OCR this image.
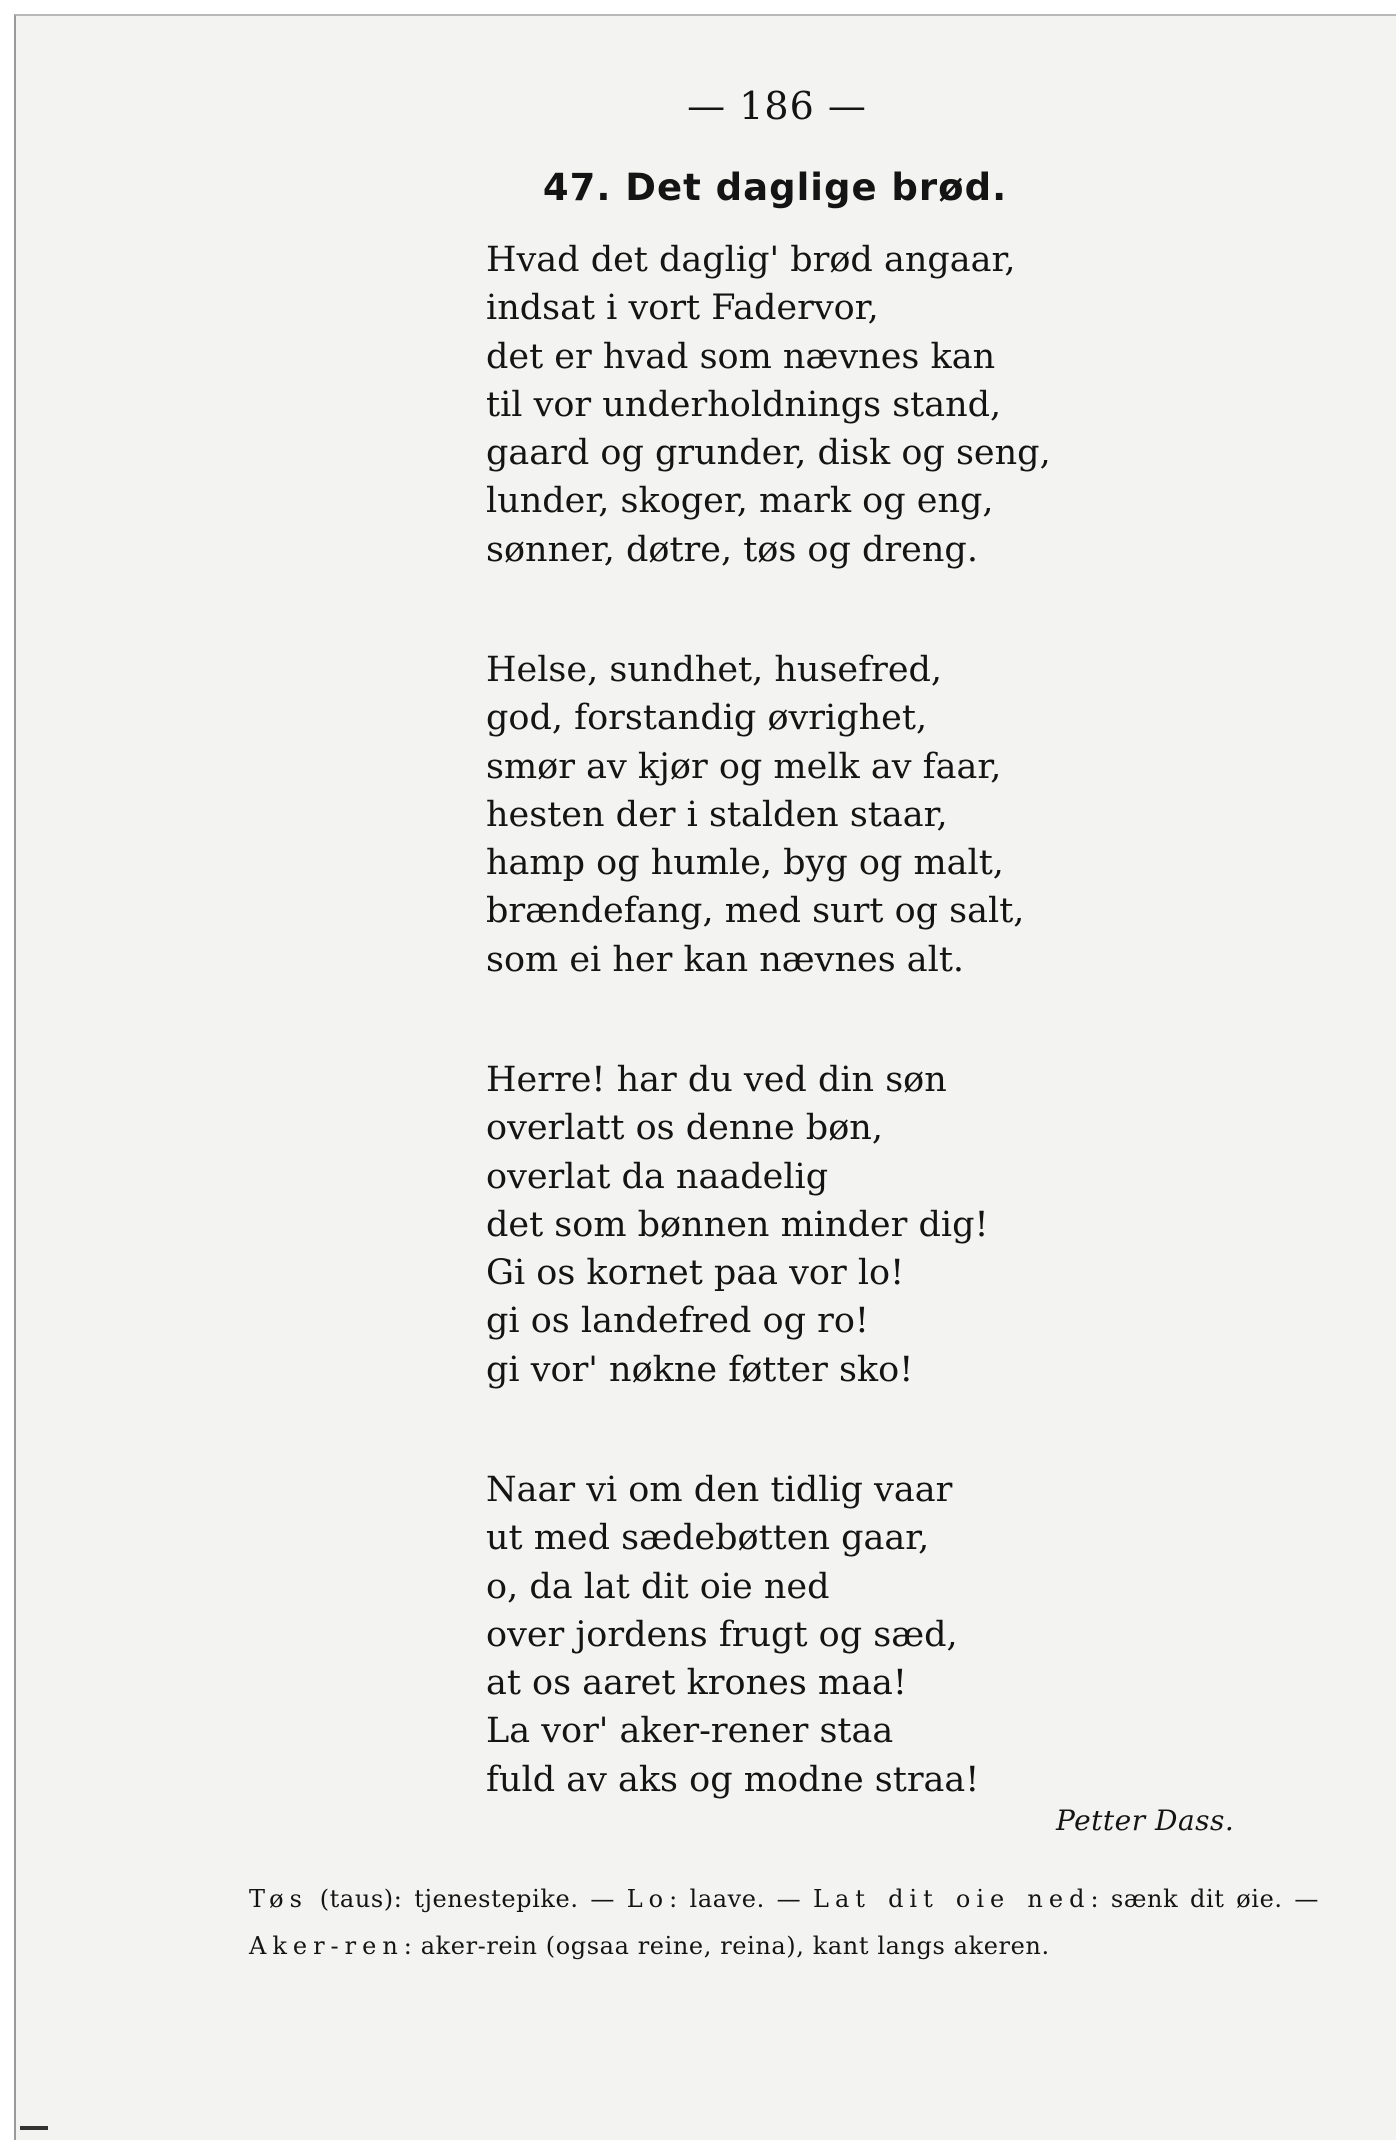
— 186 —
47. Det daglige brød.
Hvad det daglig' brød angaar,
indsat i vort Fadervor,
det er hvad som nævnes kan
til vor underholdnings stand,
gaard og grunder, disk og seng,
lunder, skoger, mark og eng,
sønner, døtre, tøs og dreng.
Helse, sundhet, husefred,
god, forstandig øvrighet,
smør av kjør og melk av faar,
hesten der i stalden staar,
hamp og humle, byg og malt,
brændefang, med surt og salt,
som ei her kan nævnes alt.
Herre! har du ved din søn
overlatt os denne bøn,
overlat da naadelig
det som bønnen minder dig!
Gi os kornet paa vor lo!
gi os landefred og ro!
gi vor' nøkne føtter sko!
Naar vi om den tidlig vaar
ut med sædebøtten gaar,
o, da lat dit oie ned
over jordens frugt og sæd,
at os aaret krones maa!
La vor' aker-rener staa
fuld av aks og modne straa!
Petter Dass.
Tøs (taus): tjenestepike. — Lo: laave. — Lat dit oie ned: sænk dit øie. — Aker-ren: aker-rein (ogsaa reine, reina), kant langs akeren.
